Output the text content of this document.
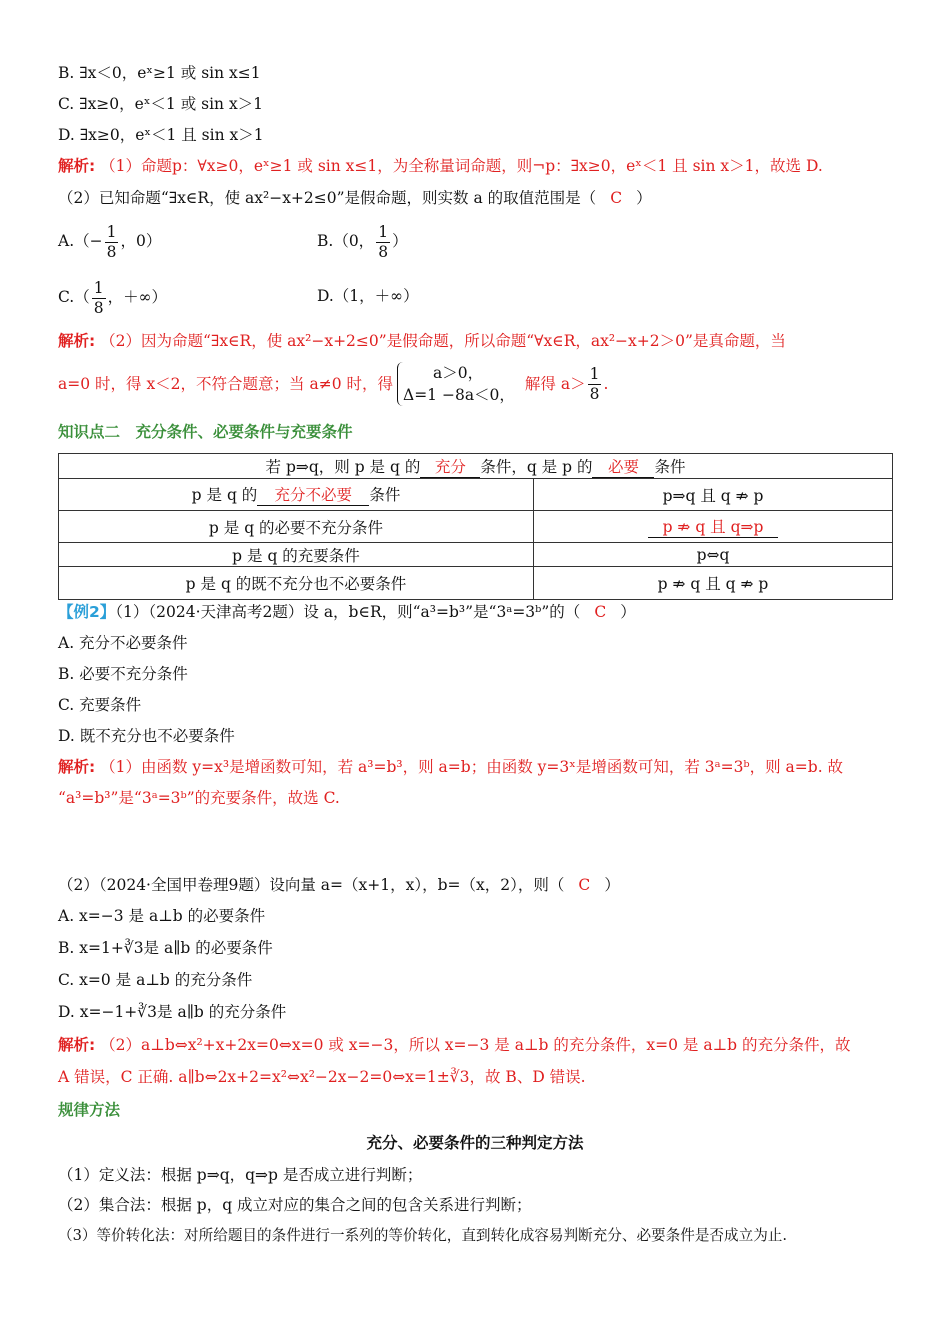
B. ∃x＜0，eˣ≥1 或 sin x≤1
C. ∃x≥0，eˣ＜1 或 sin x＞1
D. ∃x≥0，eˣ＜1 且 sin x＞1
解析: （1）命题p：∀x≥0，eˣ≥1 或 sin x≤1，为全称量词命题，则¬p：∃x≥0，eˣ＜1 且 sin x＞1，故选 D.
（2）已知命题“∃x∈R，使 ax²−x+2≤0”是假命题，则实数 a 的取值范围是（ C ）
$A.(- \frac{1}{8}$ ，0）	B.（0， $\frac{1}{8}$ ）
$C.( \frac{1}{8}$ ，＋∞）	D.（1，＋∞）
解析: （2）因为命题“∃x∈R，使 ax²−x+2≤0”是假命题，所以命题“∀x∈R，ax²−x+2＞0”是真命题，当
a=0 时，得 x＜2，不符合题意；当 a≠0 时，得
a＞0，
Δ=1 −8a＜0，
解得 $a> \frac{1}{8}$ .
知识点二　充分条件、必要条件与充要条件
若 p⇒q，则 p 是 q 的 充分 条件，q 是 p 的 必要 条件	
p 是 q 的 充分不必要 条件	p⇒q 且 q ⇏ p
p 是 q 的必要不充分条件	p ⇏ q 且 q⇒p
p 是 q 的充要条件	p⇔q
p 是 q 的既不充分也不必要条件	p ⇏ q 且 q ⇏ p
【例2】（1）（2024·天津高考2题）设 a，b∈R，则“a³=b³”是“3ᵃ=3ᵇ”的（ C ）
A. 充分不必要条件
B. 必要不充分条件
C. 充要条件
D. 既不充分也不必要条件
解析: （1）由函数 y=x³是增函数可知，若 a³=b³，则 a=b；由函数 y=3ˣ是增函数可知，若 3ᵃ=3ᵇ，则 a=b. 故
“a³=b³”是“3ᵃ=3ᵇ”的充要条件，故选 C.
（2）（2024·全国甲卷理9题）设向量 a=（x+1，x），b=（x，2），则（ C ）
A. x=−3 是 a⊥b 的必要条件
B. x=1+∛3是 a∥b 的必要条件
C. x=0 是 a⊥b 的充分条件
D. x=−1+∛3是 a∥b 的充分条件
解析: （2）a⊥b⇔x²+x+2x=0⇔x=0 或 x=−3，所以 x=−3 是 a⊥b 的充分条件，x=0 是 a⊥b 的充分条件，故
A 错误，C 正确. a∥b⇔2x+2=x²⇔x²−2x−2=0⇔x=1±∛3，故 B、D 错误.
规律方法
充分、必要条件的三种判定方法
（1）定义法：根据 p⇒q，q⇒p 是否成立进行判断；
（2）集合法：根据 p，q 成立对应的集合之间的包含关系进行判断；
（3）等价转化法：对所给题目的条件进行一系列的等价转化，直到转化成容易判断充分、必要条件是否成立为止.
